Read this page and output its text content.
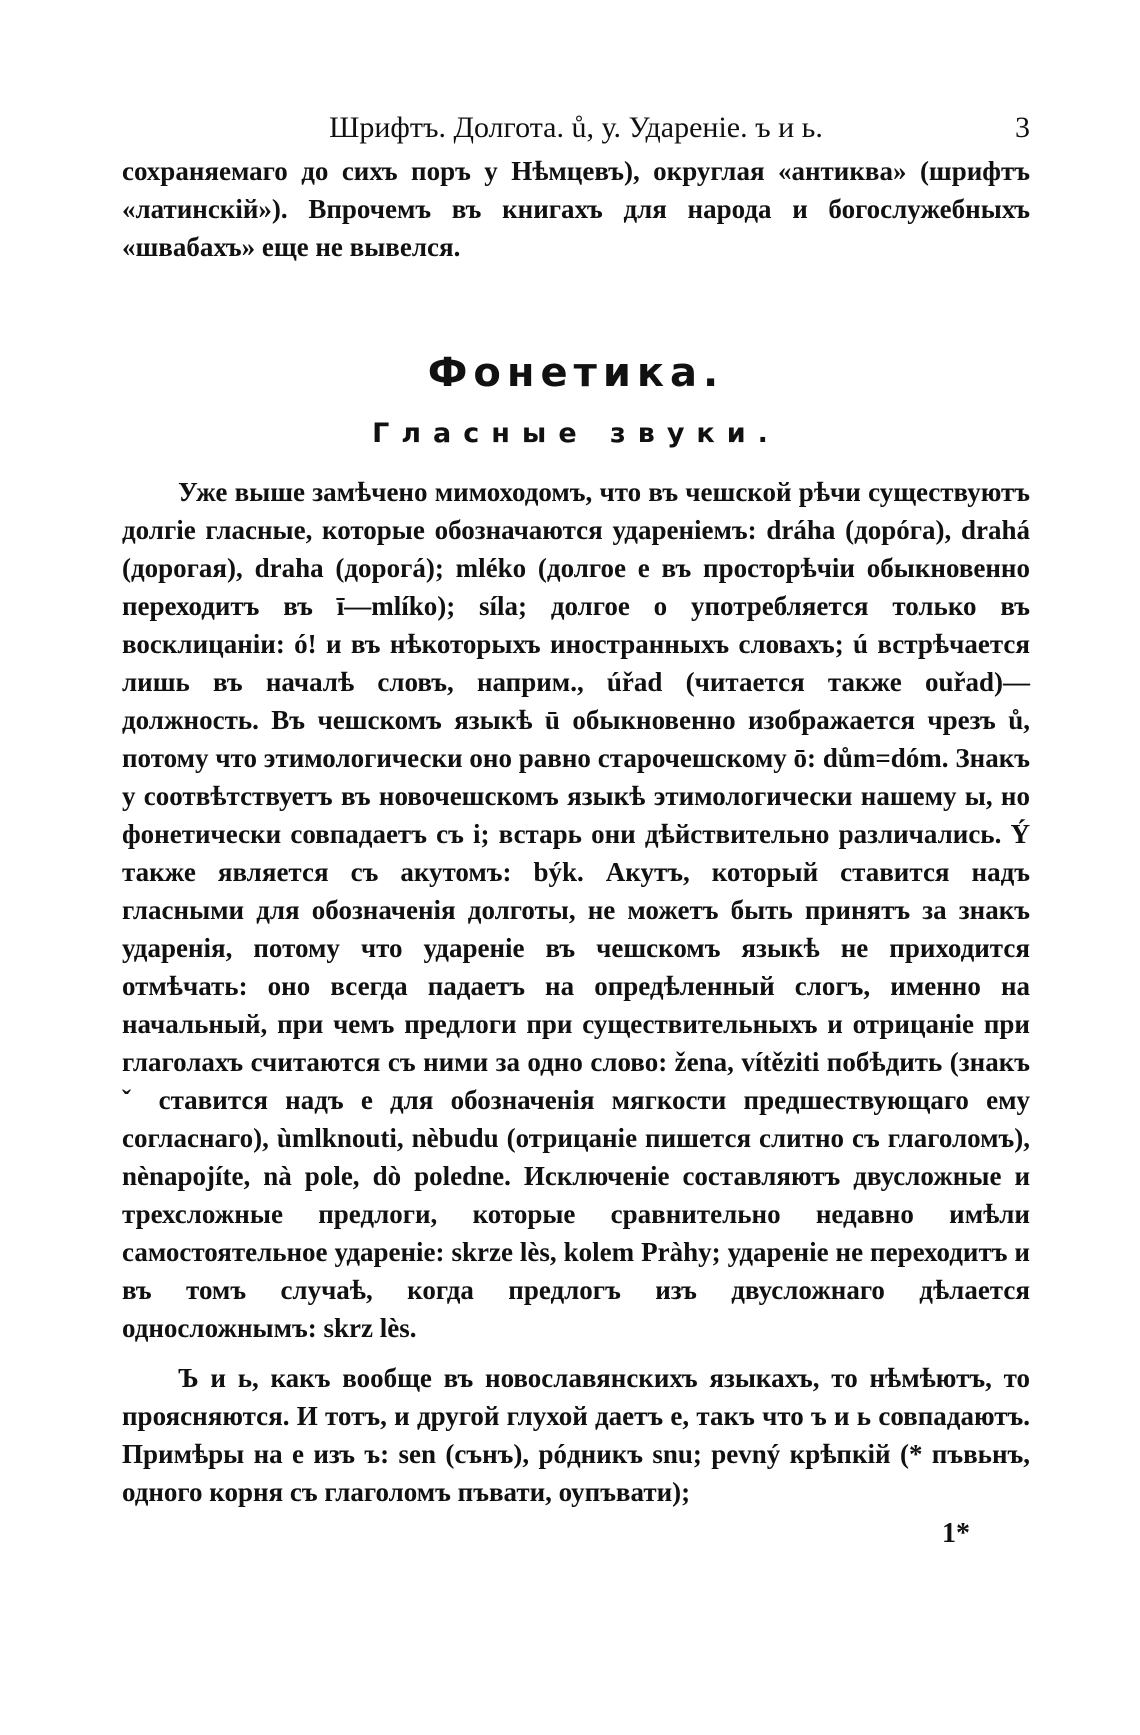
Шрифтъ. Долгота. ů, у. Удареніе. ъ и ь.	3

сохраняемаго до сихъ поръ у Нѣмцевъ), округлая «антиква» (шрифтъ «латинскій»). Впрочемъ въ книгахъ для народа и богослужебныхъ «швабахъ» еще не вывелся.

Фонетика.
Гласные звуки.

Уже выше замѣчено мимоходомъ, что въ чешской рѣчи существуютъ долгіе гласные, которые обозначаются удареніемъ: dráha (дорóга), drahá (дорогая), draha (дорогá); mléko (долгое е въ просторѣчіи обыкновенно переходитъ въ ī—mlíko); síla; долгое о употребляется только въ восклицаніи: ó! и въ нѣкоторыхъ иностранныхъ словахъ; ú встрѣчается лишь въ началѣ словъ, наприм., úřad (читается также ouřad)—должность. Въ чешскомъ языкѣ ū обыкновенно изображается чрезъ ů, потому что этимологически оно равно старочешскому ō: dům=dóm. Знакъ у соотвѣтствуетъ въ новочешскомъ языкѣ этимологически нашему ы, но фонетически совпадаетъ съ і; встарь они дѣйствительно различались. Ý также является съ акутомъ: býk. Акутъ, который ставится надъ гласными для обозначенія долготы, не можетъ быть принятъ за знакъ ударенія, потому что удареніе въ чешскомъ языкѣ не приходится отмѣчать: оно всегда падаетъ на опредѣленный слогъ, именно на начальный, при чемъ предлоги при существительныхъ и отрицаніе при глаголахъ считаются съ ними за одно слово: žena, vítěziti побѣдить (знакъ ˇ ставится надъ е для обозначенія мягкости предшествующаго ему согласнаго), ùmlknouti, nèbudu (отрицаніе пишется слитно съ глаголомъ), nènapojíte, nà pole, dò poledne. Исключеніе составляютъ двусложные и трехсложные предлоги, которые сравнительно недавно имѣли самостоятельное удареніе: skrze lès, kolem Pràhy; удареніе не переходитъ и въ томъ случаѣ, когда предлогъ изъ двусложнаго дѣлается односложнымъ: skrz lès.

Ъ и ь, какъ вообще въ новославянскихъ языкахъ, то нѣмѣютъ, то проясняются. И тотъ, и другой глухой даетъ е, такъ что ъ и ь совпадаютъ. Примѣры на е изъ ъ: sen (сънъ), рóдникъ snu; pevný крѣпкій (* пъвьнъ, одного корня съ глаголомъ пъвати, оупъвати);

1*
